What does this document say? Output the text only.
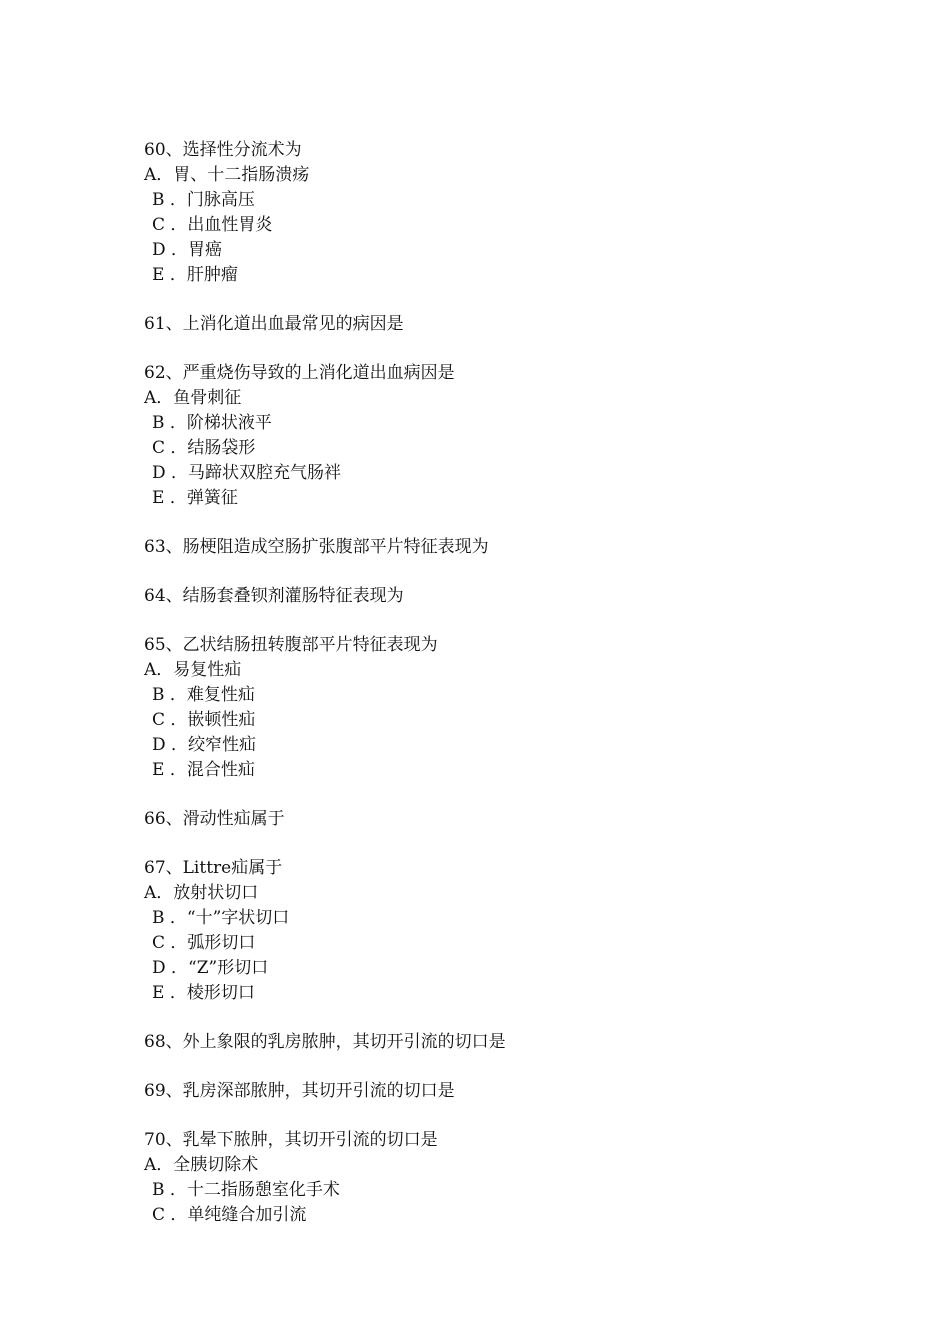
60、选择性分流术为
A．胃、十二指肠溃疡
B ．门脉高压
C ．出血性胃炎
D ．胃癌
E ．肝肿瘤
61、上消化道出血最常见的病因是
62、严重烧伤导致的上消化道出血病因是
A．鱼骨刺征
B ．阶梯状液平
C ．结肠袋形
D ．马蹄状双腔充气肠袢
E ．弹簧征
63、肠梗阻造成空肠扩张腹部平片特征表现为
64、结肠套叠钡剂灌肠特征表现为
65、乙状结肠扭转腹部平片特征表现为
A．易复性疝
B ．难复性疝
C ．嵌顿性疝
D ．绞窄性疝
E ．混合性疝
66、滑动性疝属于
67、Littre疝属于
A．放射状切口
B ．“十”字状切口
C ．弧形切口
D ．“Z”形切口
E ．棱形切口
68、外上象限的乳房脓肿，其切开引流的切口是
69、乳房深部脓肿，其切开引流的切口是
70、乳晕下脓肿，其切开引流的切口是
A．全胰切除术
B ．十二指肠憩室化手术
C ．单纯缝合加引流
